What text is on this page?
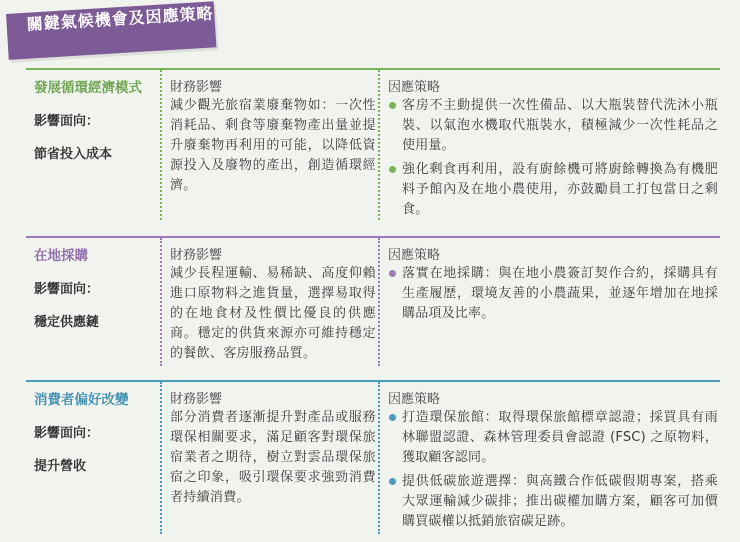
關鍵氣候機會及因應策略
發展循環經濟模式
影響面向：
節省投入成本
財務影響
減少觀光旅宿業廢棄物如：一次性消耗品、剩食等廢棄物產出量並提升廢棄物再利用的可能，以降低資源投入及廢物的產出，創造循環經濟。
因應策略
客房不主動提供一次性備品、以大瓶裝替代洗沐小瓶裝、以氣泡水機取代瓶裝水，積極減少一次性耗品之使用量。
強化剩食再利用，設有廚餘機可將廚餘轉換為有機肥料予館內及在地小農使用，亦鼓勵員工打包當日之剩食。
在地採購
影響面向：
穩定供應鏈
財務影響
減少長程運輸、易稀缺、高度仰賴進口原物料之進貨量，選擇易取得的在地食材及性價比優良的供應商。穩定的供貨來源亦可維持穩定的餐飲、客房服務品質。
因應策略
落實在地採購：與在地小農簽訂契作合約，採購具有生產履歷，環境友善的小農蔬果，並逐年增加在地採購品項及比率。
消費者偏好改變
影響面向：
提升營收
財務影響
部分消費者逐漸提升對產品或服務環保相關要求，滿足顧客對環保旅宿業者之期待，樹立對雲品環保旅宿之印象，吸引環保要求強勁消費者持續消費。
因應策略
打造環保旅館：取得環保旅館標章認證；採買具有雨林聯盟認證、森林管理委員會認證 (FSC) 之原物料，獲取顧客認同。
提供低碳旅遊選擇：與高鐵合作低碳假期專案，搭乘大眾運輸減少碳排；推出碳權加購方案，顧客可加價購買碳權以抵銷旅宿碳足跡。
